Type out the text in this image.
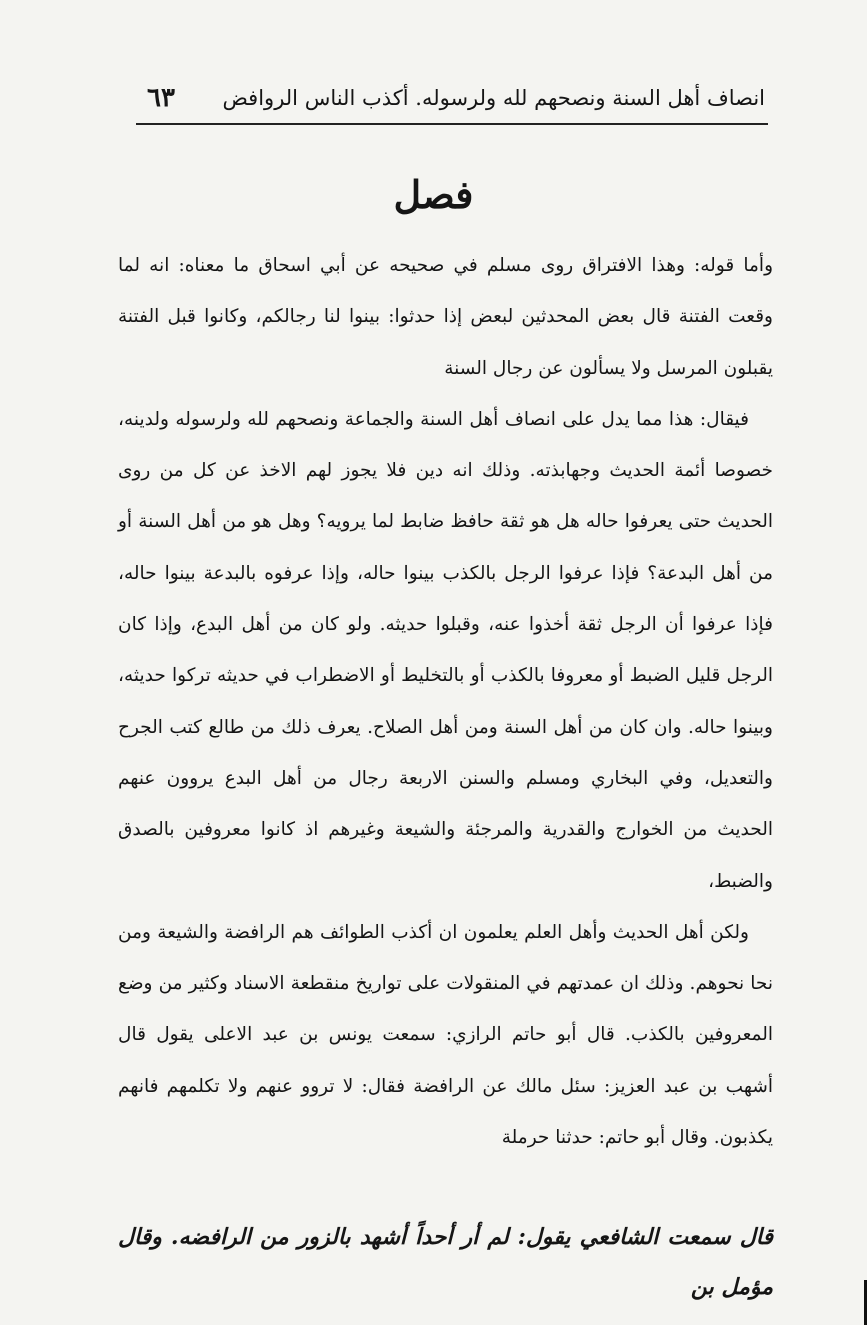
انصاف أهل السنة ونصحهم لله ولرسوله. أكذب الناس الروافض
٦٣
فصل

وأما قوله: وهذا الافتراق روى مسلم في صحيحه عن أبي اسحاق ما معناه: انه لما وقعت الفتنة قال بعض المحدثين لبعض إذا حدثوا: بينوا لنا رجالكم، وكانوا قبل الفتنة يقبلون المرسل ولا يسألون عن رجال السنة

فيقال: هذا مما يدل على انصاف أهل السنة والجماعة ونصحهم لله ولرسوله ولدينه، خصوصا أئمة الحديث وجهابذته. وذلك انه دين فلا يجوز لهم الاخذ عن كل من روى الحديث حتى يعرفوا حاله هل هو ثقة حافظ ضابط لما يرويه؟ وهل هو من أهل السنة أو من أهل البدعة؟ فإذا عرفوا الرجل بالكذب بينوا حاله، وإذا عرفوه بالبدعة بينوا حاله، فإذا عرفوا أن الرجل ثقة أخذوا عنه، وقبلوا حديثه. ولو كان من أهل البدع، وإذا كان الرجل قليل الضبط أو معروفا بالكذب أو بالتخليط أو الاضطراب في حديثه تركوا حديثه، وبينوا حاله. وان كان من أهل السنة ومن أهل الصلاح. يعرف ذلك من طالع كتب الجرح والتعديل، وفي البخاري ومسلم والسنن الاربعة رجال من أهل البدع يروون عنهم الحديث من الخوارج والقدرية والمرجئة والشيعة وغيرهم اذ كانوا معروفين بالصدق والضبط،

ولكن أهل الحديث وأهل العلم يعلمون ان أكذب الطوائف هم الرافضة والشيعة ومن نحا نحوهم. وذلك ان عمدتهم في المنقولات على تواريخ منقطعة الاسناد وكثير من وضع المعروفين بالكذب. قال أبو حاتم الرازي: سمعت يونس بن عبد الاعلى يقول قال أشهب بن عبد العزيز: سئل مالك عن الرافضة فقال: لا تروو عنهم ولا تكلمهم فانهم يكذبون. وقال أبو حاتم: حدثنا حرملة

قال سمعت الشافعي يقول: لم أر أحداً أشهد بالزور من الرافضه. وقال مؤمل بن
